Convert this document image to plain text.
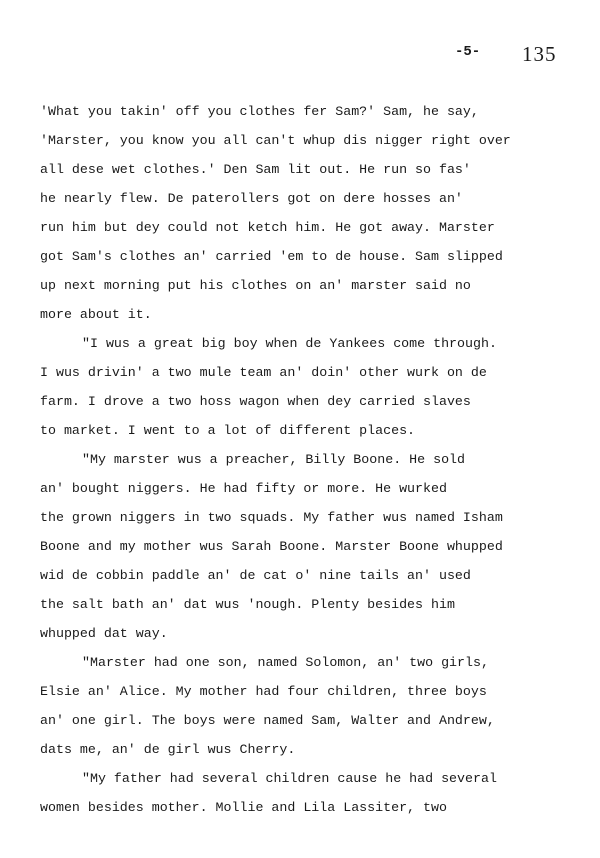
-5- 135
'What you takin' off you clothes fer Sam?' Sam, he say,
'Marster, you know you all can't whup dis nigger right over
all dese wet clothes.' Den Sam lit out. He run so fas'
he nearly flew. De paterollers got on dere hosses an'
run him but dey could not ketch him. He got away. Marster
got Sam's clothes an' carried 'em to de house. Sam slipped
up next morning put his clothes on an' marster said no
more about it.
"I wus a great big boy when de Yankees come through.
I wus drivin' a two mule team an' doin' other wurk on de
farm. I drove a two hoss wagon when dey carried slaves
to market. I went to a lot of different places.
"My marster wus a preacher, Billy Boone. He sold
an' bought niggers. He had fifty or more. He wurked
the grown niggers in two squads. My father wus named Isham
Boone and my mother wus Sarah Boone. Marster Boone whupped
wid de cobbin paddle an' de cat o' nine tails an' used
the salt bath an' dat wus 'nough. Plenty besides him
whupped dat way.
"Marster had one son, named Solomon, an' two girls,
Elsie an' Alice. My mother had four children, three boys
an' one girl. The boys were named Sam, Walter and Andrew,
dats me, an' de girl wus Cherry.
"My father had several children cause he had several
women besides mother. Mollie and Lila Lassiter, two
